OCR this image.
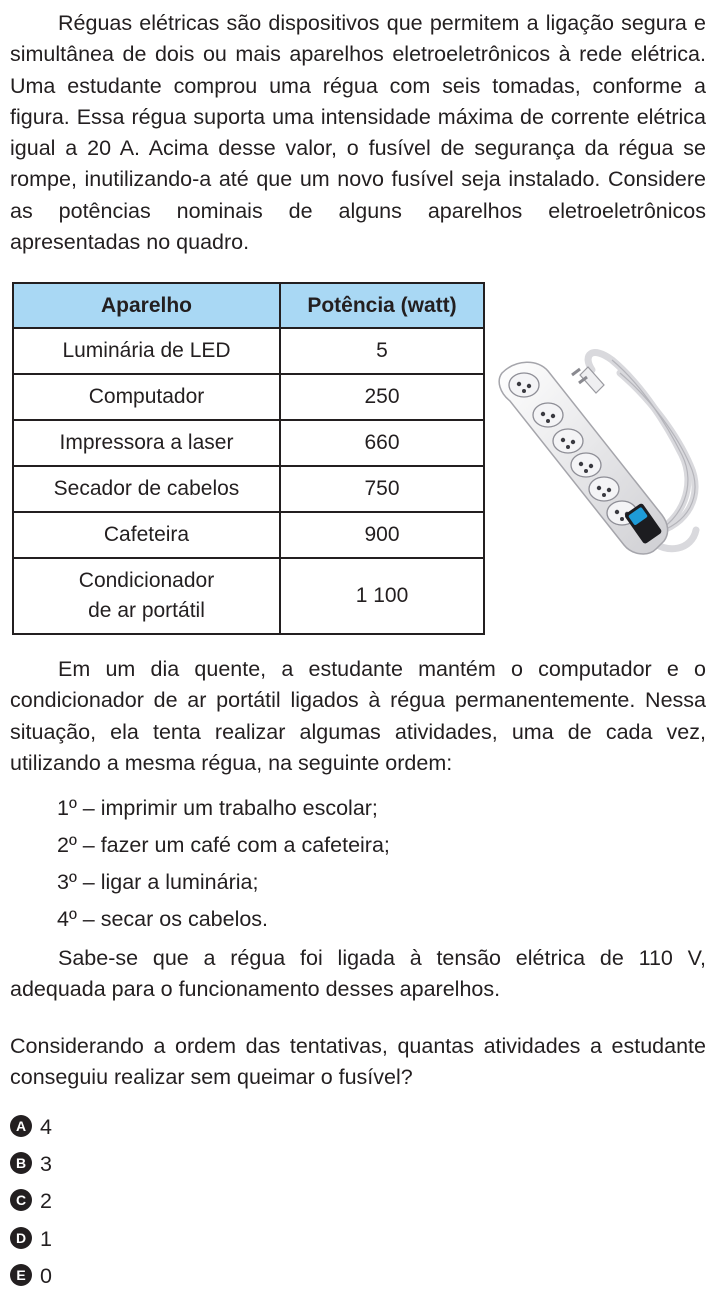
Réguas elétricas são dispositivos que permitem a ligação segura e simultânea de dois ou mais aparelhos eletroeletrônicos à rede elétrica. Uma estudante comprou uma régua com seis tomadas, conforme a figura. Essa régua suporta uma intensidade máxima de corrente elétrica igual a 20 A. Acima desse valor, o fusível de segurança da régua se rompe, inutilizando-a até que um novo fusível seja instalado. Considere as potências nominais de alguns aparelhos eletroeletrônicos apresentadas no quadro.

Aparelho	Potência (watt)
Luminária de LED	5
Computador	250
Impressora a laser	660
Secador de cabelos	750
Cafeteira	900
Condicionador
de ar portátil	1 100

Em um dia quente, a estudante mantém o computador e o condicionador de ar portátil ligados à régua permanentemente. Nessa situação, ela tenta realizar algumas atividades, uma de cada vez, utilizando a mesma régua, na seguinte ordem:

1º – imprimir um trabalho escolar;

2º – fazer um café com a cafeteira;

3º – ligar a luminária;

4º – secar os cabelos.

Sabe-se que a régua foi ligada à tensão elétrica de 110 V, adequada para o funcionamento desses aparelhos.

Considerando a ordem das tentativas, quantas atividades a estudante conseguiu realizar sem queimar o fusível?

A 4
B 3
C 2
D 1
E 0
